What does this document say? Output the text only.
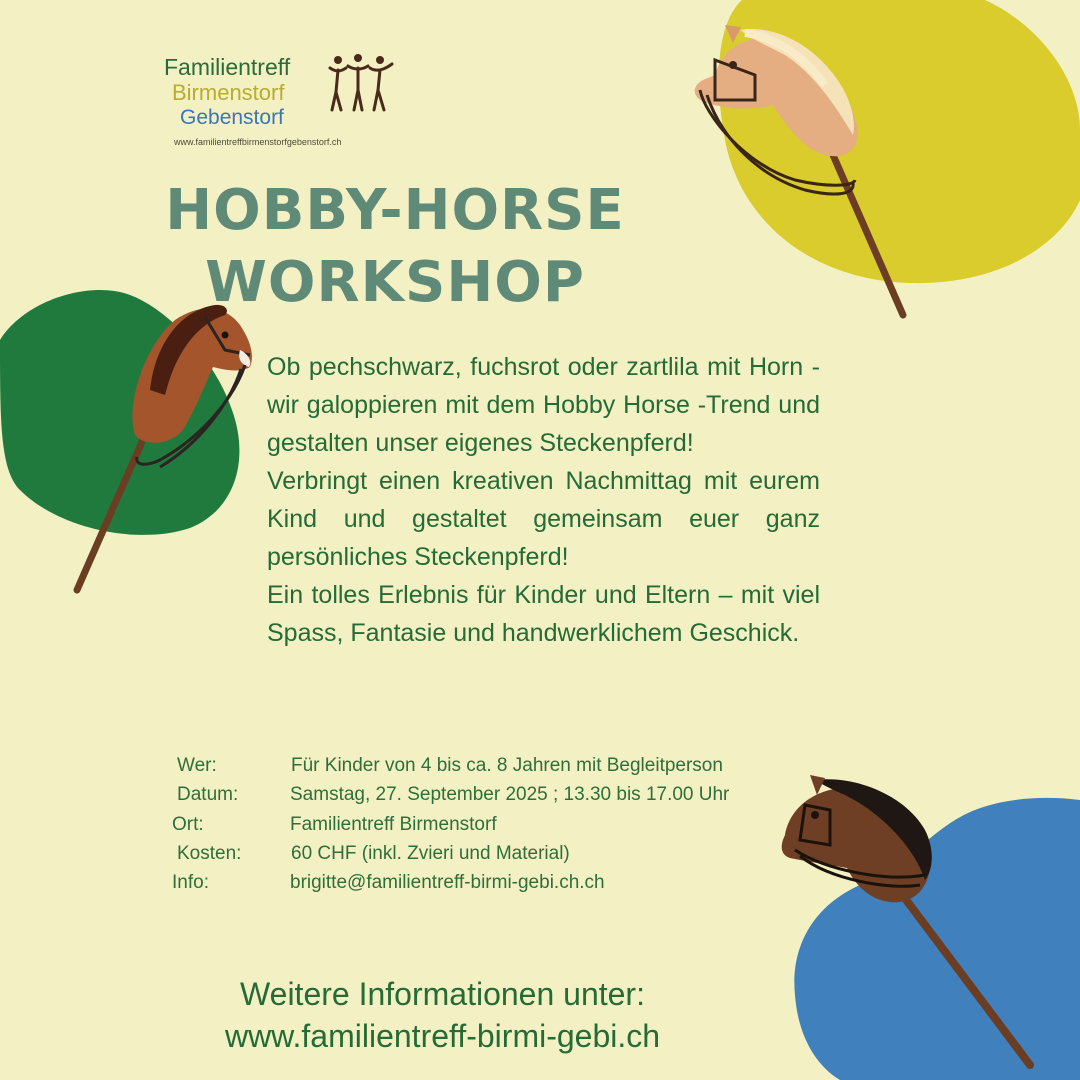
Familientreff
Birmenstorf
Gebenstorf
www.familientreffbirmenstorfgebenstorf.ch
HOBBY-HORSE
WORKSHOP

Ob pechschwarz, fuchsrot oder zartlila mit Horn - wir galoppieren mit dem Hobby Horse -Trend und gestalten unser eigenes Steckenpferd!

Verbringt einen kreativen Nachmittag mit eurem Kind und gestaltet gemeinsam euer ganz persönliches Steckenpferd!

Ein tolles Erlebnis für Kinder und Eltern – mit viel Spass, Fantasie und handwerklichem Geschick.

Wer:	Für Kinder von 4 bis ca. 8 Jahren mit Begleitperson
Datum:	Samstag, 27. September 2025 ; 13.30 bis 17.00 Uhr
Ort:	Familientreff Birmenstorf
Kosten:	60 CHF (inkl. Zvieri und Material)
Info:	brigitte@familientreff-birmi-gebi.ch.ch
Weitere Informationen unter:
www.familientreff-birmi-gebi.ch
